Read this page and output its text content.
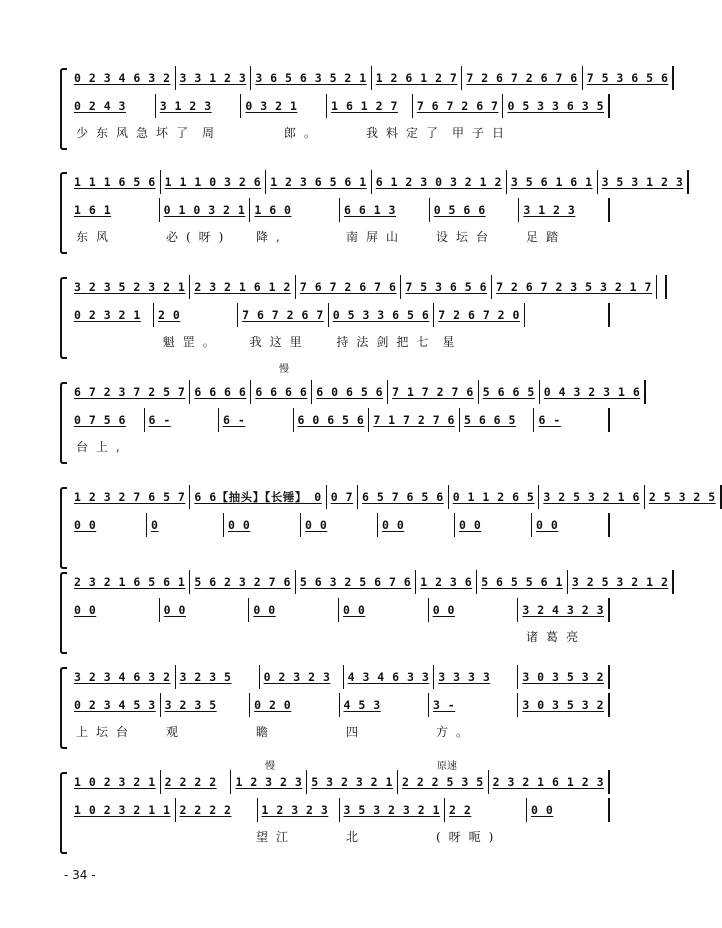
0 2 3 4 6 3 2 3 3 1 2 3 3 6 5 6 3 5 2 1 1 2 6 1 2 7 7 2 6 7 2 6 7 6 7 5 3 6 5 6
0 2 4 3	3 1 2 3	0 3 2 1	1 6 1 2 7 7 6 7 2 6 7 0 5 3 3 6 3 5
少东风急坏了 周	郎。	我料定了 甲子日
1 1 1 6 5 6 1 1 1 0 3 2 6 1 2 3 6 5 6 1 6 1 2 3 0 3 2 1 2 3 5 6 1 6 1 3 5 3 1 2 3
1 6 1	0 1 0 3 2 1 1 6 0	6 6 1 3	0 5 6 6	3 1 2 3
东风	必(呀)	降,	南屏山	设坛台	足踏
3 2 3 5 2 3 2 1 2 3 2 1 6 1 2 7 6 7 2 6 7 6 7 5 3 6 5 6 7 2 6 7 2 3 5 3 2 1 7
0 2 3 2 1 2 0	7 6 7 2 6 7 0 5 3 3 6 5 6 7 2 6 7 2 0
魁罡。	我这里	持法剑把七 星
6 7 2 3 7 2 5 7 6 6 6 6 6 6 6 6 6 0 6 5 6 7 1 7 2 7 6 5 6 6 5 0 4 3 2 3 1 6
0 7 5 6 6 -	6 -	6 0 6 5 6 7 1 7 2 7 6 5 6 6 5 6 -
台上,
1 2 3 2 7 6 5 7 6 6【抽头】【长锤】 0 0 7 6 5 7 6 5 6 0 1 1 2 6 5 3 2 5 3 2 1 6 2 5 3 2 5
0 0	0	0 0	0 0	0 0	0 0	0 0
2 3 2 1 6 5 6 1 5 6 2 3 2 7 6 5 6 3 2 5 6 7 6 1 2 3 6 5 6 5 5 6 1 3 2 5 3 2 1 2
0 0	0 0	0 0	0 0	0 0	3 2 4 3 2 3
诸葛亮
3 2 3 4 6 3 2 3 2 3 5	0 2 3 2 3 4 3 4 6 3 3 3 3 3 3	3 0 3 5 3 2
0 2 3 4 5 3 3 2 3 5	0 2 0	4 5 3	3 -	3 0 3 5 3 2
上坛台	观	瞻	四	方。
1 0 2 3 2 1 2 2 2 2 1 2 3 2 3 5 3 2 3 2 1 2 2 2 5 3 5 2 3 2 1 6 1 2 3
1 0 2 3 2 1 1 2 2 2 2	1 2 3 2 3 3 5 3 2 3 2 1 2 2	0 0
望江	北	(呀呃)
慢
慢	原速
- 34 -
